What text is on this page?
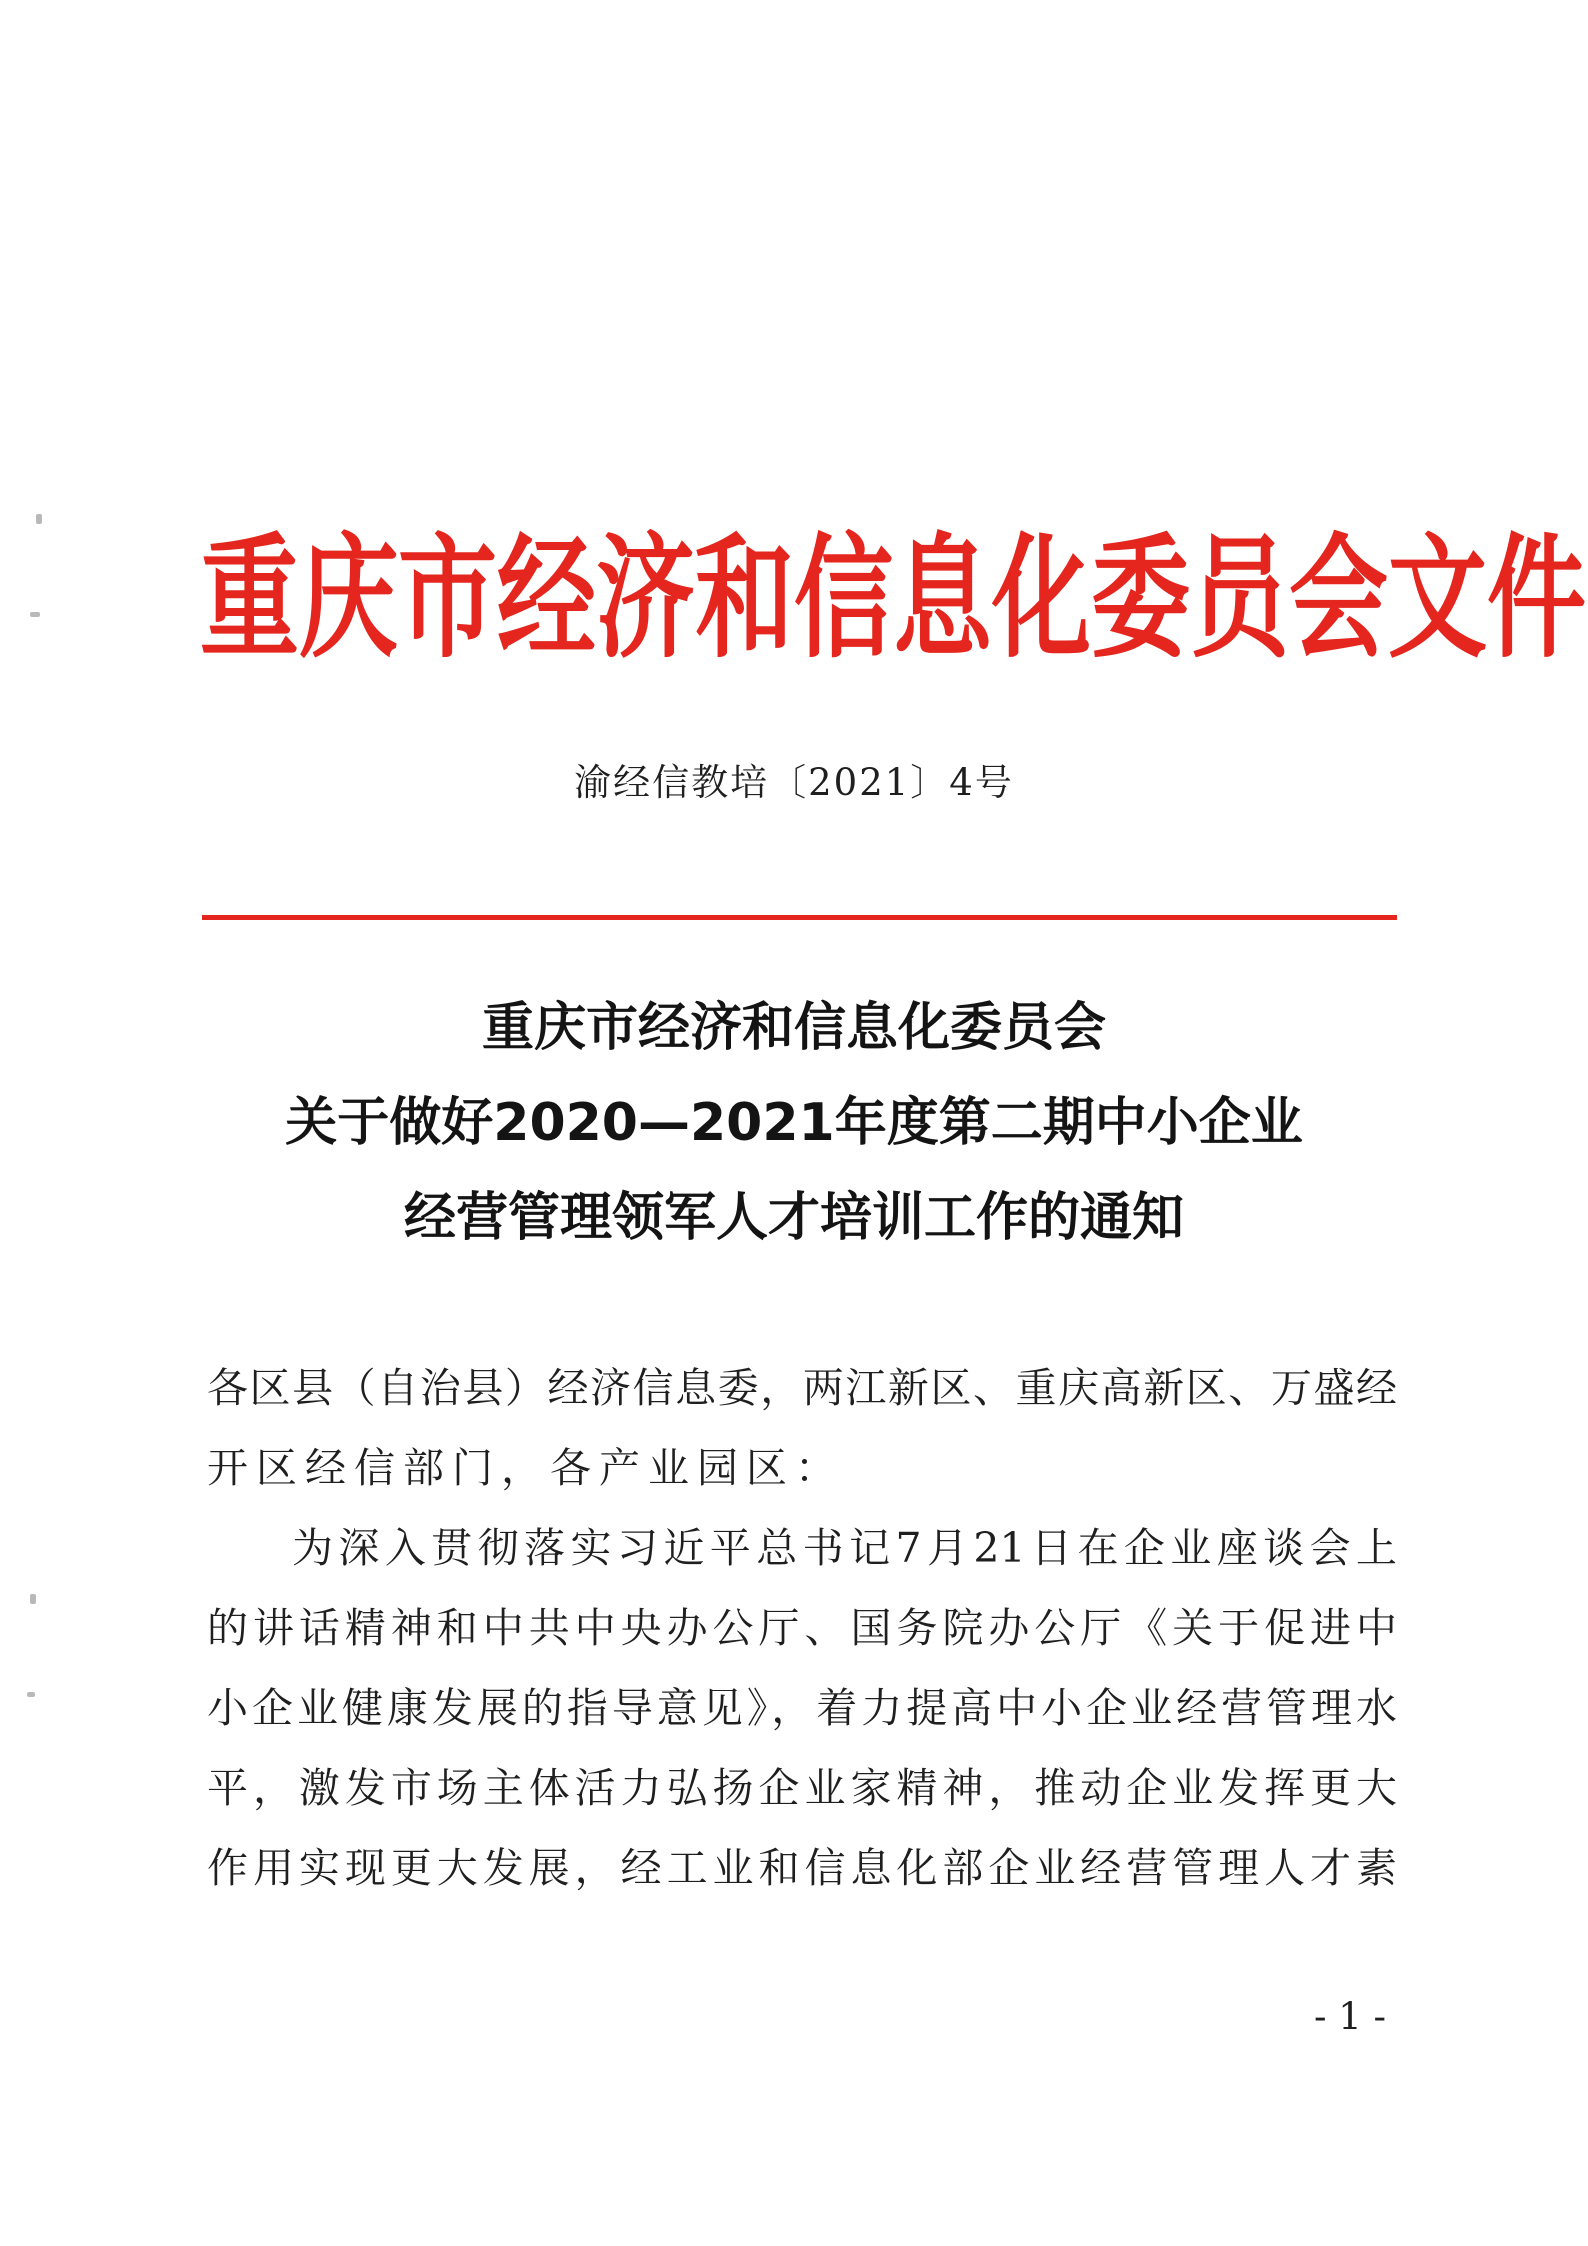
重庆市经济和信息化委员会文件
渝经信教培〔2021〕4号
重庆市经济和信息化委员会
关于做好2020—2021年度第二期中小企业
经营管理领军人才培训工作的通知
各区县（自治县）经济信息委，两江新区、重庆高新区、万盛经
开区经信部门，各产业园区：
为深入贯彻落实习近平总书记7月21日在企业座谈会上
的讲话精神和中共中央办公厅、国务院办公厅《关于促进中
小企业健康发展的指导意见》，着力提高中小企业经营管理水
平，激发市场主体活力弘扬企业家精神，推动企业发挥更大
作用实现更大发展，经工业和信息化部企业经营管理人才素
- 1 -
